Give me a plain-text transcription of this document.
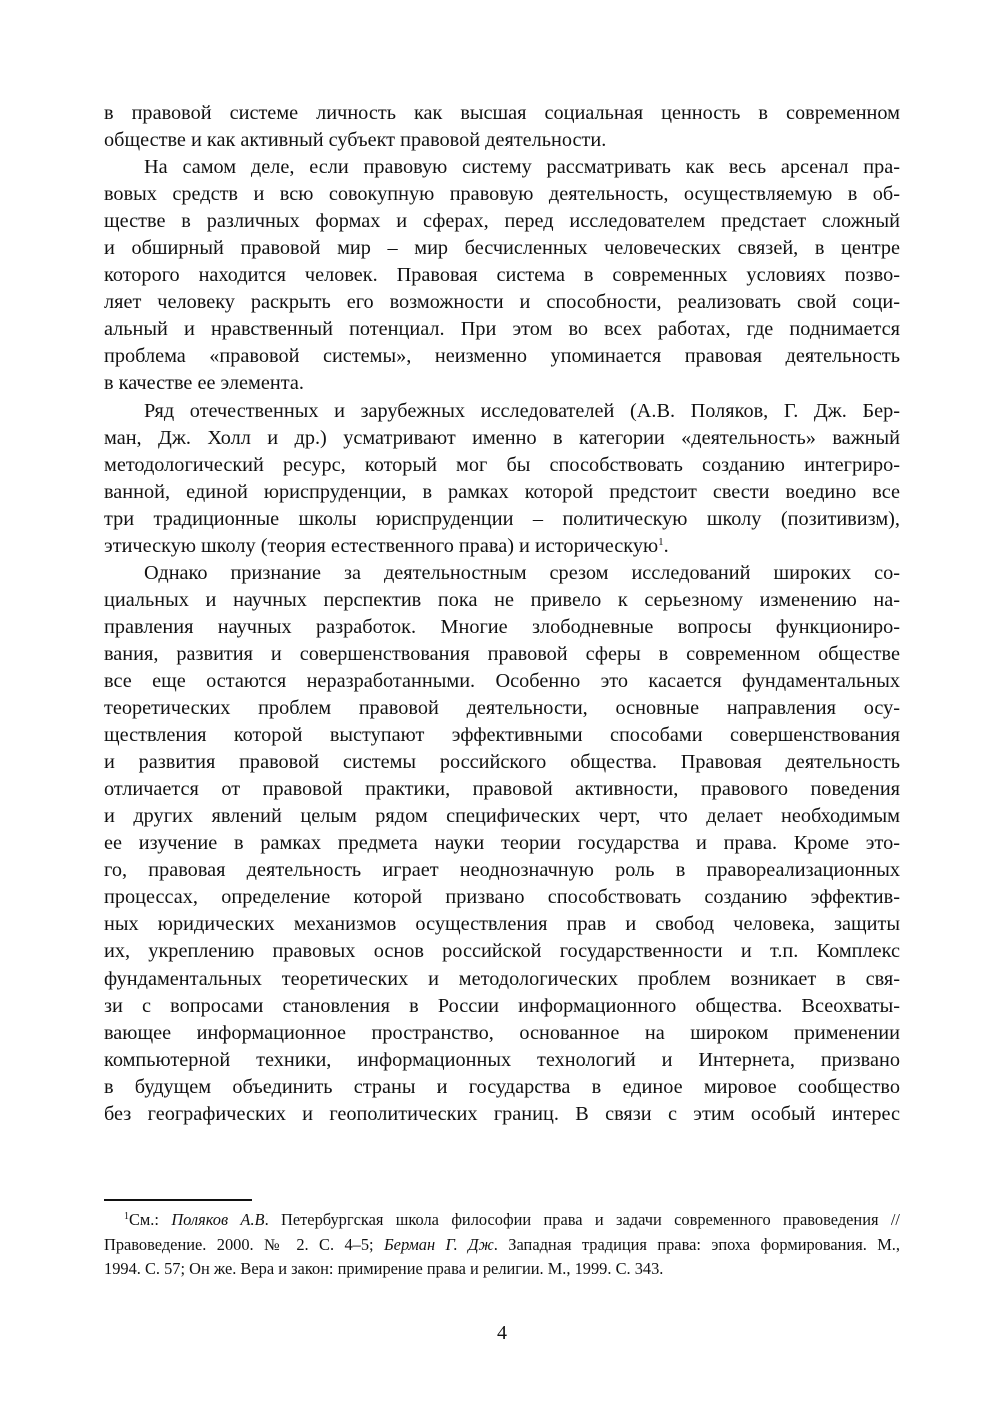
в правовой системе личность как высшая социальная ценность в современном
обществе и как активный субъект правовой деятельности.
На самом деле, если правовую систему рассматривать как весь арсенал пра-
вовых средств и всю совокупную правовую деятельность, осуществляемую в об-
ществе в различных формах и сферах, перед исследователем предстает сложный
и обширный правовой мир – мир бесчисленных человеческих связей, в центре
которого находится человек. Правовая система в современных условиях позво-
ляет человеку раскрыть его возможности и способности, реализовать свой соци-
альный и нравственный потенциал. При этом во всех работах, где поднимается
проблема «правовой системы», неизменно упоминается правовая деятельность
в качестве ее элемента.
Ряд отечественных и зарубежных исследователей (А.В. Поляков, Г. Дж. Бер-
ман, Дж. Холл и др.) усматривают именно в категории «деятельность» важный
методологический ресурс, который мог бы способствовать созданию интегриро-
ванной, единой юриспруденции, в рамках которой предстоит свести воедино все
три традиционные школы юриспруденции – политическую школу (позитивизм),
этическую школу (теория естественного права) и историческую$^1$.
Однако признание за деятельностным срезом исследований широких со-
циальных и научных перспектив пока не привело к серьезному изменению на-
правления научных разработок. Многие злободневные вопросы функциониро-
вания, развития и совершенствования правовой сферы в современном обществе
все еще остаются неразработанными. Особенно это касается фундаментальных
теоретических проблем правовой деятельности, основные направления осу-
ществления которой выступают эффективными способами совершенствования
и развития правовой системы российского общества. Правовая деятельность
отличается от правовой практики, правовой активности, правового поведения
и других явлений целым рядом специфических черт, что делает необходимым
ее изучение в рамках предмета науки теории государства и права. Кроме это-
го, правовая деятельность играет неоднозначную роль в правореализационных
процессах, определение которой призвано способствовать созданию эффектив-
ных юридических механизмов осуществления прав и свобод человека, защиты
их, укреплению правовых основ российской государственности и т.п. Комплекс
фундаментальных теоретических и методологических проблем возникает в свя-
зи с вопросами становления в России информационного общества. Всеохваты-
вающее информационное пространство, основанное на широком применении
компьютерной техники, информационных технологий и Интернета, призвано
в будущем объединить страны и государства в единое мировое сообщество
без географических и геополитических границ. В связи с этим особый интерес
$^1$См.: Поляков А.В. Петербургская школа философии права и задачи современного правоведения //
Правоведение. 2000. № 2. С. 4–5; Берман Г. Дж. Западная традиция права: эпоха формирования. М.,
1994. С. 57; Он же. Вера и закон: примирение права и религии. М., 1999. С. 343.
4
